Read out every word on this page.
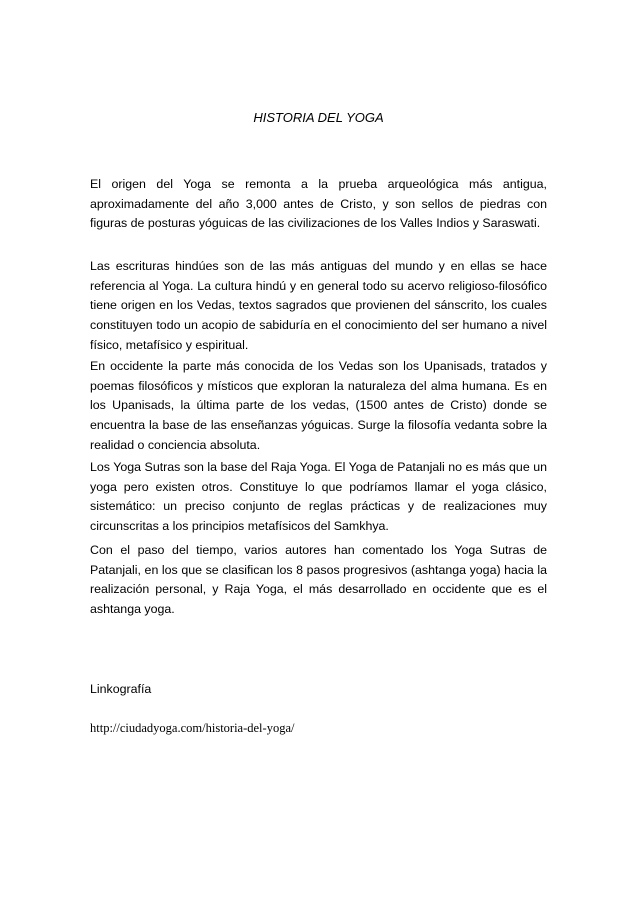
HISTORIA DEL YOGA

El origen del Yoga se remonta a la prueba arqueológica más antigua, aproximadamente del año 3,000 antes de Cristo, y son sellos de piedras con figuras de posturas yóguicas de las civilizaciones de los Valles Indios y Saraswati.

Las escrituras hindúes son de las más antiguas del mundo y en ellas se hace referencia al Yoga. La cultura hindú y en general todo su acervo religioso-filosófico tiene origen en los Vedas, textos sagrados que provienen del sánscrito, los cuales constituyen todo un acopio de sabiduría en el conocimiento del ser humano a nivel físico, metafísico y espiritual.

En occidente la parte más conocida de los Vedas son los Upanisads, tratados y poemas filosóficos y místicos que exploran la naturaleza del alma humana. Es en los Upanisads, la última parte de los vedas, (1500 antes de Cristo) donde se encuentra la base de las enseñanzas yóguicas. Surge la filosofía vedanta sobre la realidad o conciencia absoluta.

Los Yoga Sutras son la base del Raja Yoga. El Yoga de Patanjali no es más que un yoga pero existen otros. Constituye lo que podríamos llamar el yoga clásico, sistemático: un preciso conjunto de reglas prácticas y de realizaciones muy circunscritas a los principios metafísicos del Samkhya.

Con el paso del tiempo, varios autores han comentado los Yoga Sutras de Patanjali, en los que se clasifican los 8 pasos progresivos (ashtanga yoga) hacia la realización personal, y Raja Yoga, el más desarrollado en occidente que es el ashtanga yoga.

Linkografía

http://ciudadyoga.com/historia-del-yoga/
